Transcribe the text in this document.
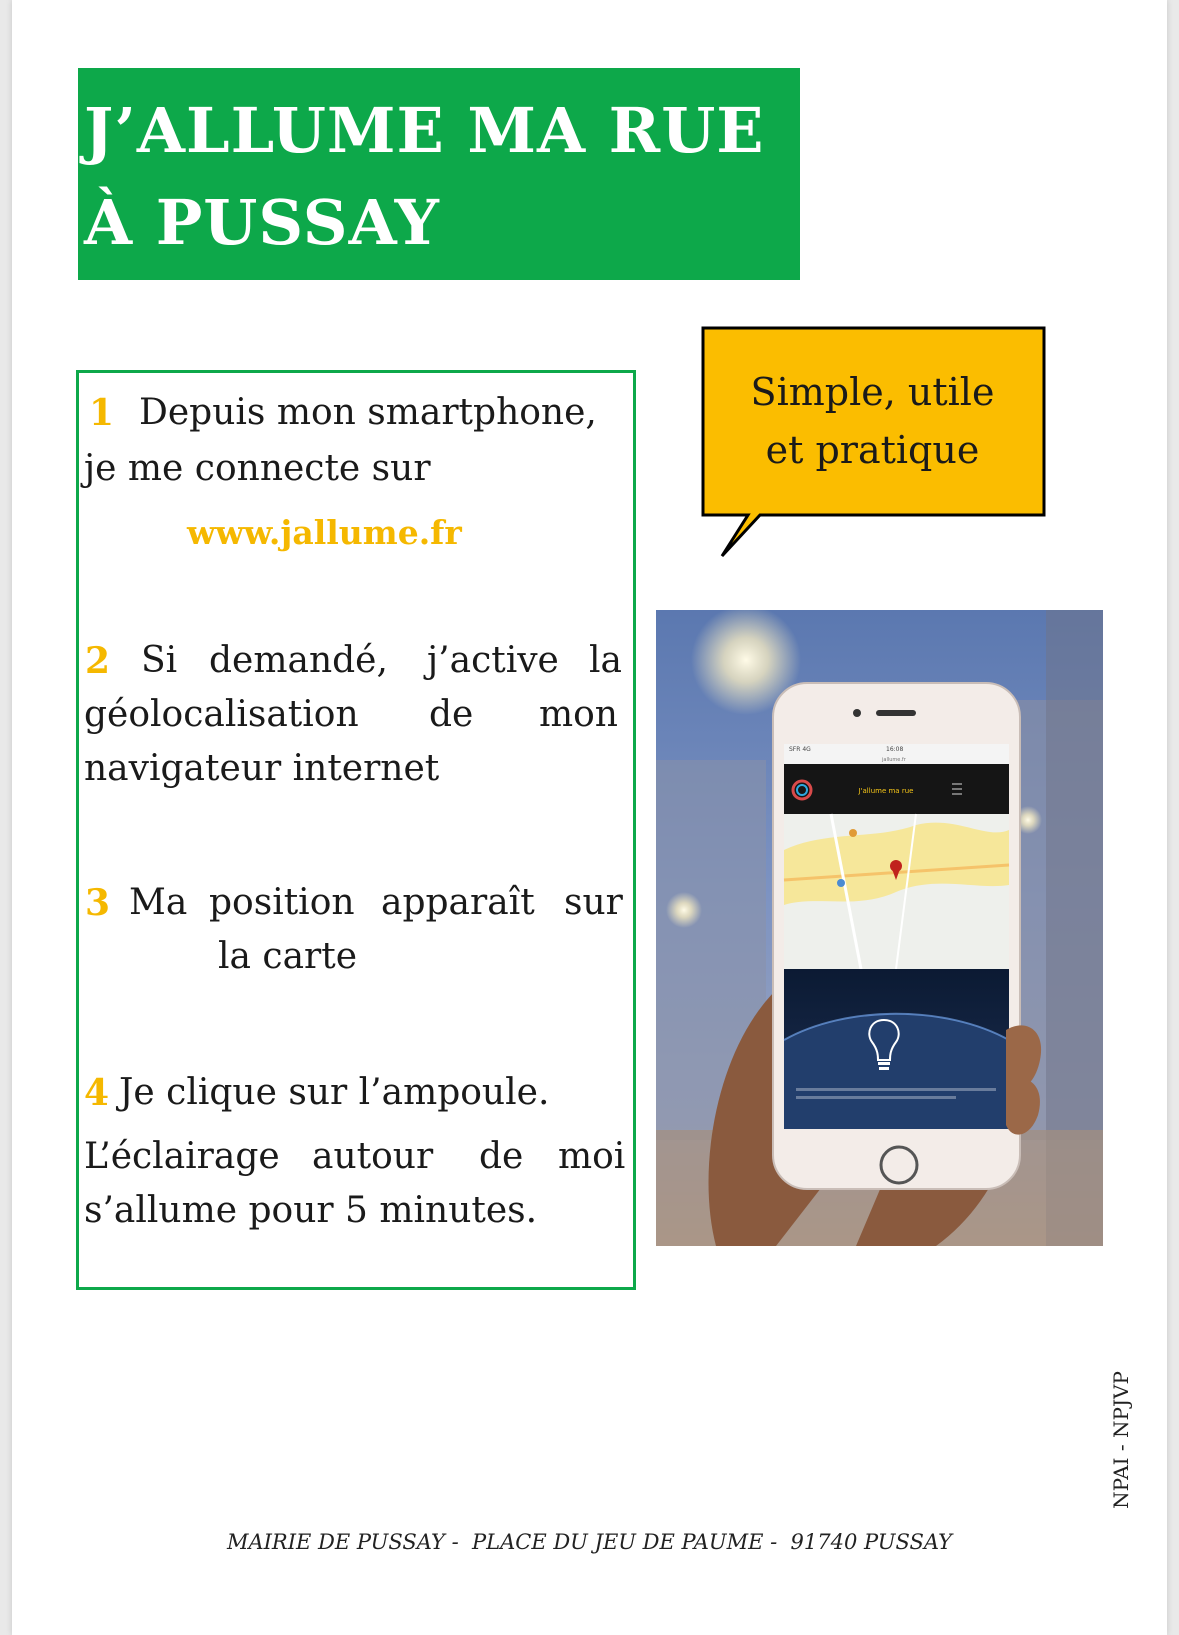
J’ALLUME MA RUE
À PUSSAY
1 Depuis mon smartphone,
je me connecte sur
www.jallume.fr
2 Si demandé, j’active la
géolocalisation de mon
navigateur internet
3 Ma position apparaît sur
la carte
4 Je clique sur l’ampoule.
L’éclairage autour de moi
s’allume pour 5 minutes.
Simple, utile
et pratique
SFR 4G	16:08
jallume.fr
J'allume ma rue
MAIRIE DE PUSSAY -  PLACE DU JEU DE PAUME -  91740 PUSSAY
NPAI - NPJVP
